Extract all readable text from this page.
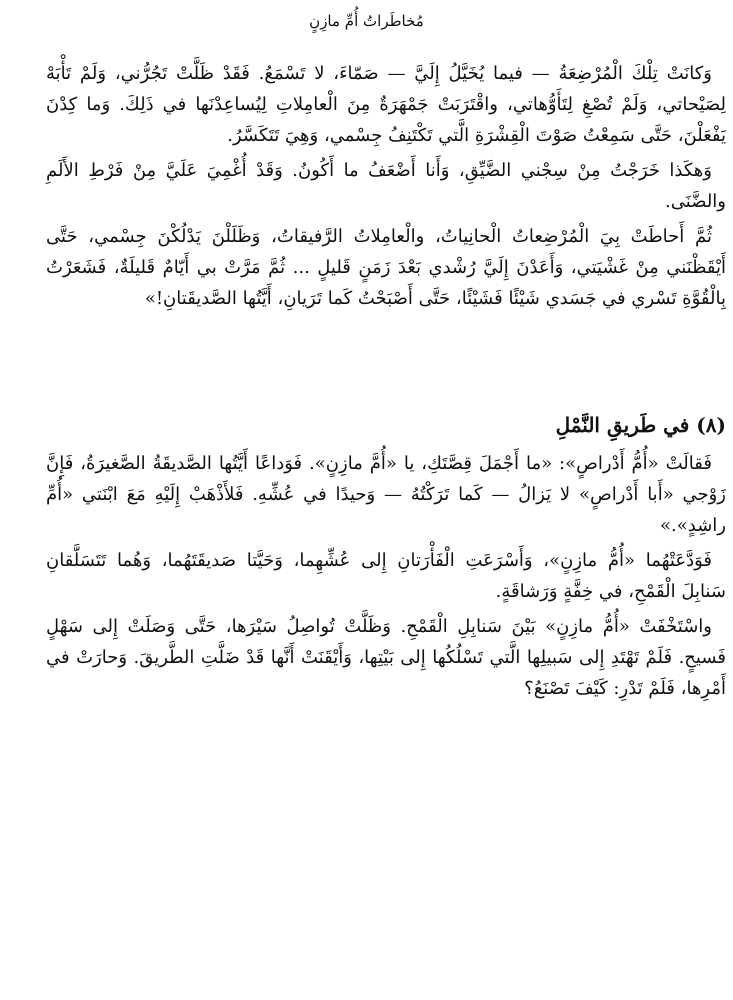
مُخاطَراتُ أُمِّ مازِنٍ

وَكانَتْ تِلْكَ الْمُرْضِعَةُ — فيما يُخَيَّلُ إِلَيَّ — صَمّاءَ، لا تَسْمَعُ. فَقَدْ ظَلَّتْ تَجُرُّني، وَلَمْ تَأْبَهْ لِصَيْحاتي، وَلَمْ تُصْغِ لِتَأَوُّهاتي، واقْتَرَبَتْ جَمْهَرَةٌ مِنَ الْعامِلاتِ لِيُساعِدْنَها في ذَلِكَ. وَما كِدْنَ يَفْعَلْنَ، حَتَّى سَمِعْتُ صَوْتَ الْقِشْرَةِ الَّتي تَكْتَنِفُ جِسْمي، وَهِيَ تَتَكَسَّرُ.

وَهكَذا خَرَجْتُ مِنْ سِجْني الضَّيِّقِ، وَأَنا أَضْعَفُ ما أَكُونُ. وَقَدْ أُغْمِيَ عَلَيَّ مِنْ فَرْطِ الأَلَمِ والضَّنَى.

ثُمَّ أَحاطَتْ بِيَ الْمُرْضِعاتُ الْحانِياتُ، والْعامِلاتُ الرَّفيقاتُ، وَظَلَلْنَ يَدْلُكْنَ جِسْمي، حَتَّى أَيْقَظْنَني مِنْ غَشْيَتي، وَأَعَدْنَ إِلَيَّ رُشْدي بَعْدَ زَمَنٍ قَليلٍ ... ثُمَّ مَرَّتْ بي أَيّامٌ قَليلَةٌ، فَشَعَرْتُ بِالْقُوَّةِ تَسْري في جَسَدي شَيْئًا فَشَيْئًا، حَتَّى أَصْبَحْتُ كَما تَرَيانِ، أَيَّتُها الصَّديقَتانِ!»

(٨) في طَريقِ النَّمْلِ

فَقالَتْ «أُمُّ أَدْراصٍ»: «ما أَجْمَلَ قِصَّتَكِ، يا «أُمَّ مازِنٍ». فَوَداعًا أَيَّتُها الصَّديقَةُ الصَّغيرَةُ، فَإِنَّ زَوْجي «أَبا أَدْراصٍ» لا يَزالُ — كَما تَرَكْتُهُ — وَحيدًا في عُشِّهِ. فَلأَذْهَبْ إِلَيْهِ مَعَ ابْنَتي «أُمِّ راشِدٍ».»

فَوَدَّعَتْهُما «أُمُّ مازِنٍ»، وَأَسْرَعَتِ الْفَأْرَتانِ إِلى عُشِّهِما، وَحَيَّتا صَديقَتَهُما، وَهُما تَتَسَلَّقانِ سَنابِلَ الْقَمْحِ، في خِفَّةٍ وَرَشاقَةٍ.

واسْتَخْفَتْ «أُمُّ مازِنٍ» بَيْنَ سَنابِلِ الْقَمْحِ. وَظَلَّتْ تُواصِلُ سَيْرَها، حَتَّى وَصَلَتْ إِلى سَهْلٍ فَسيحٍ. فَلَمْ تَهْتَدِ إِلى سَبيلِها الَّتي تَسْلُكُها إِلى بَيْتِها، وَأَيْقَنَتْ أَنَّها قَدْ ضَلَّتِ الطَّريقَ. وَحارَتْ في أَمْرِها، فَلَمْ تَدْرِ: كَيْفَ تَصْنَعُ؟
